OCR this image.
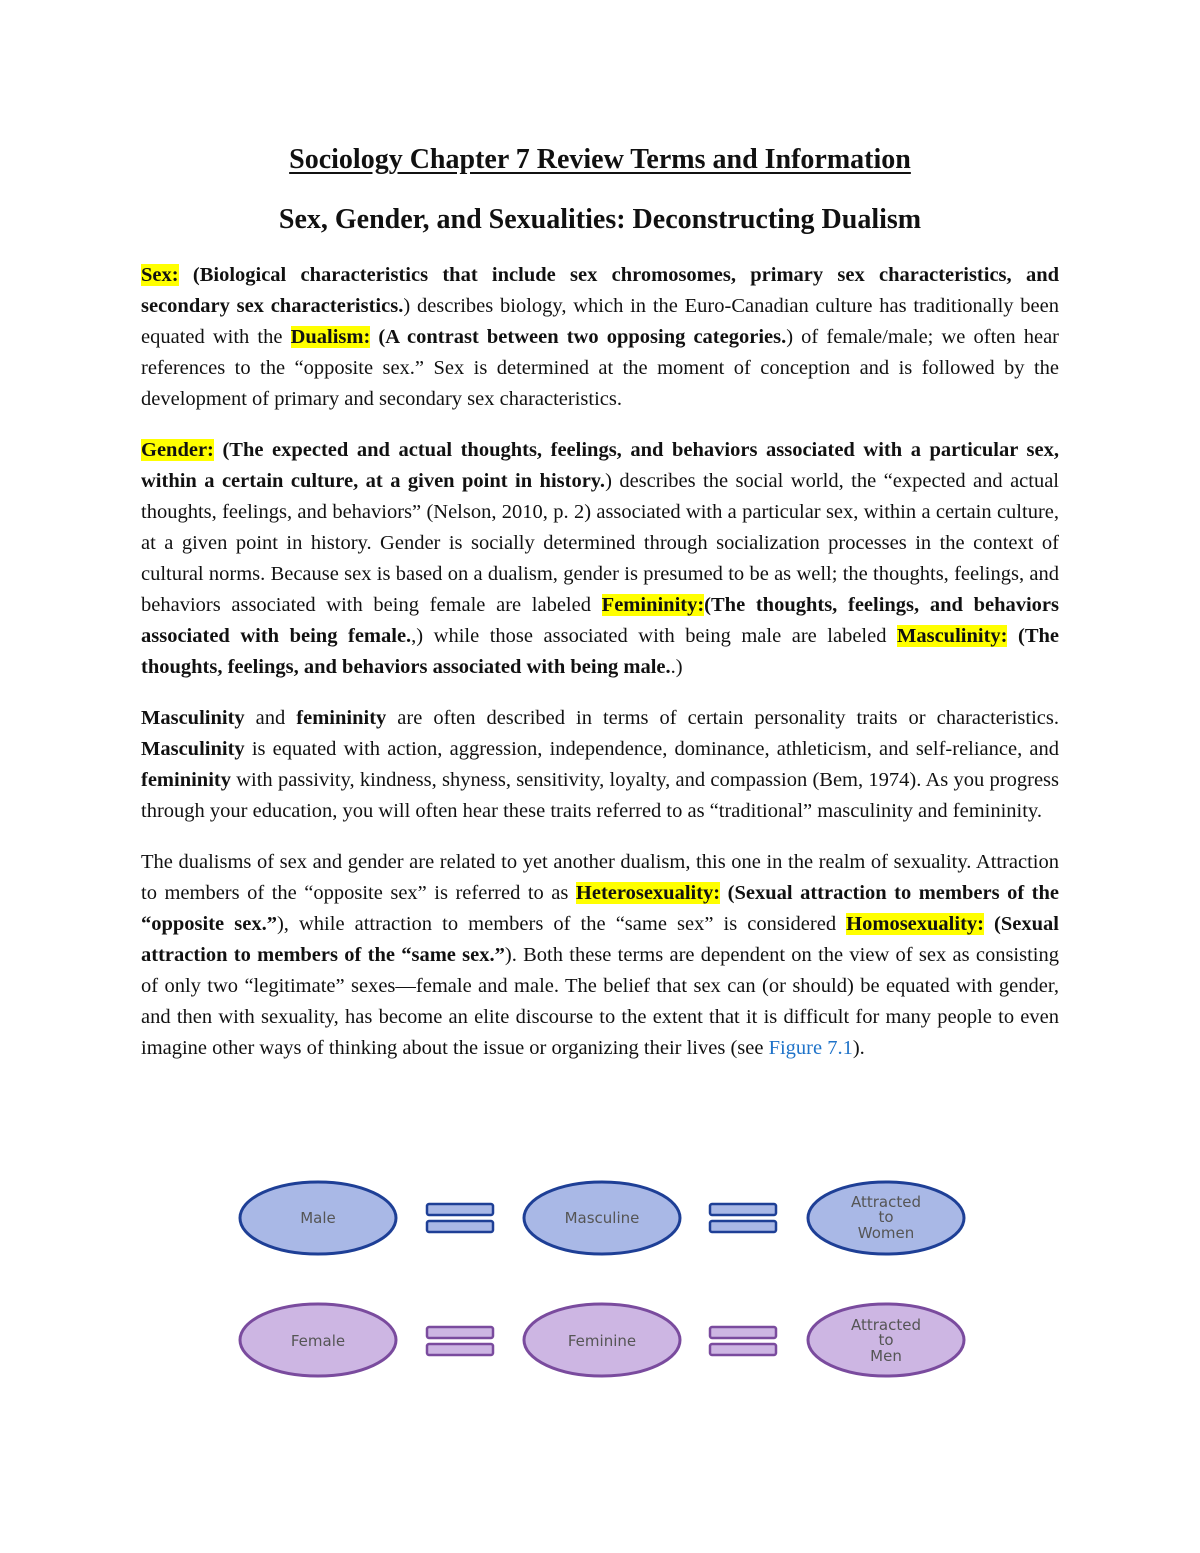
Sociology Chapter 7 Review Terms and Information
Sex, Gender, and Sexualities: Deconstructing Dualism

Sex: (Biological characteristics that include sex chromosomes, primary sex characteristics, and secondary sex characteristics.) describes biology, which in the Euro-Canadian culture has traditionally been equated with the Dualism: (A contrast between two opposing categories.) of female/male; we often hear references to the “opposite sex.” Sex is determined at the moment of conception and is followed by the development of primary and secondary sex characteristics.

Gender: (The expected and actual thoughts, feelings, and behaviors associated with a particular sex, within a certain culture, at a given point in history.) describes the social world, the “expected and actual thoughts, feelings, and behaviors” (Nelson, 2010, p. 2) associated with a particular sex, within a certain culture, at a given point in history. Gender is socially determined through socialization processes in the context of cultural norms. Because sex is based on a dualism, gender is presumed to be as well; the thoughts, feelings, and behaviors associated with being female are labeled Femininity:(The thoughts, feelings, and behaviors associated with being female.,) while those associated with being male are labeled Masculinity: (The thoughts, feelings, and behaviors associated with being male..)

Masculinity and femininity are often described in terms of certain personality traits or characteristics. Masculinity is equated with action, aggression, independence, dominance, athleticism, and self-reliance, and femininity with passivity, kindness, shyness, sensitivity, loyalty, and compassion (Bem, 1974). As you progress through your education, you will often hear these traits referred to as “traditional” masculinity and femininity.

The dualisms of sex and gender are related to yet another dualism, this one in the realm of sexuality. Attraction to members of the “opposite sex” is referred to as Heterosexuality: (Sexual attraction to members of the “opposite sex.”), while attraction to members of the “same sex” is considered Homosexuality: (Sexual attraction to members of the “same sex.”). Both these terms are dependent on the view of sex as consisting of only two “legitimate” sexes—female and male. The belief that sex can (or should) be equated with gender, and then with sexuality, has become an elite discourse to the extent that it is difficult for many people to even imagine other ways of thinking about the issue or organizing their lives (see Figure 7.1).

Male	Masculine
Attracted
to
Women
Female	Feminine
Attracted
to
Men
